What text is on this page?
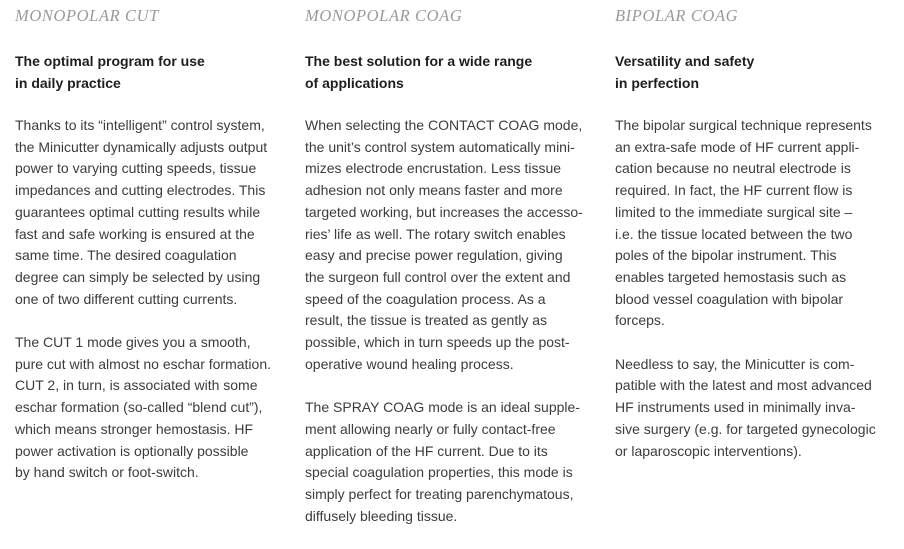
MONOPOLAR CUT
The optimal program for use
in daily practice

Thanks to its “intelligent” control system,
the Minicutter dynamically adjusts output
power to varying cutting speeds, tissue
impedances and cutting electrodes. This
guarantees optimal cutting results while
fast and safe working is ensured at the
same time. The desired coagulation
degree can simply be selected by using
one of two different cutting currents.

The CUT 1 mode gives you a smooth,
pure cut with almost no eschar formation.
CUT 2, in turn, is associated with some
eschar formation (so-called “blend cut”),
which means stronger hemostasis. HF
power activation is optionally possible
by hand switch or foot-switch.

MONOPOLAR COAG
The best solution for a wide range
of applications

When selecting the CONTACT COAG mode,
the unit’s control system automatically mini-
mizes electrode encrustation. Less tissue
adhesion not only means faster and more
targeted working, but increases the accesso-
ries’ life as well. The rotary switch enables
easy and precise power regulation, giving
the surgeon full control over the extent and
speed of the coagulation process. As a
result, the tissue is treated as gently as
possible, which in turn speeds up the post-
operative wound healing process.

The SPRAY COAG mode is an ideal supple-
ment allowing nearly or fully contact-free
application of the HF current. Due to its
special coagulation properties, this mode is
simply perfect for treating parenchymatous,
diffusely bleeding tissue.

BIPOLAR COAG
Versatility and safety
in perfection

The bipolar surgical technique represents
an extra-safe mode of HF current appli-
cation because no neutral electrode is
required. In fact, the HF current flow is
limited to the immediate surgical site –
i.e. the tissue located between the two
poles of the bipolar instrument. This
enables targeted hemostasis such as
blood vessel coagulation with bipolar
forceps.

Needless to say, the Minicutter is com-
patible with the latest and most advanced
HF instruments used in minimally inva-
sive surgery (e.g. for targeted gynecologic
or laparoscopic interventions).
